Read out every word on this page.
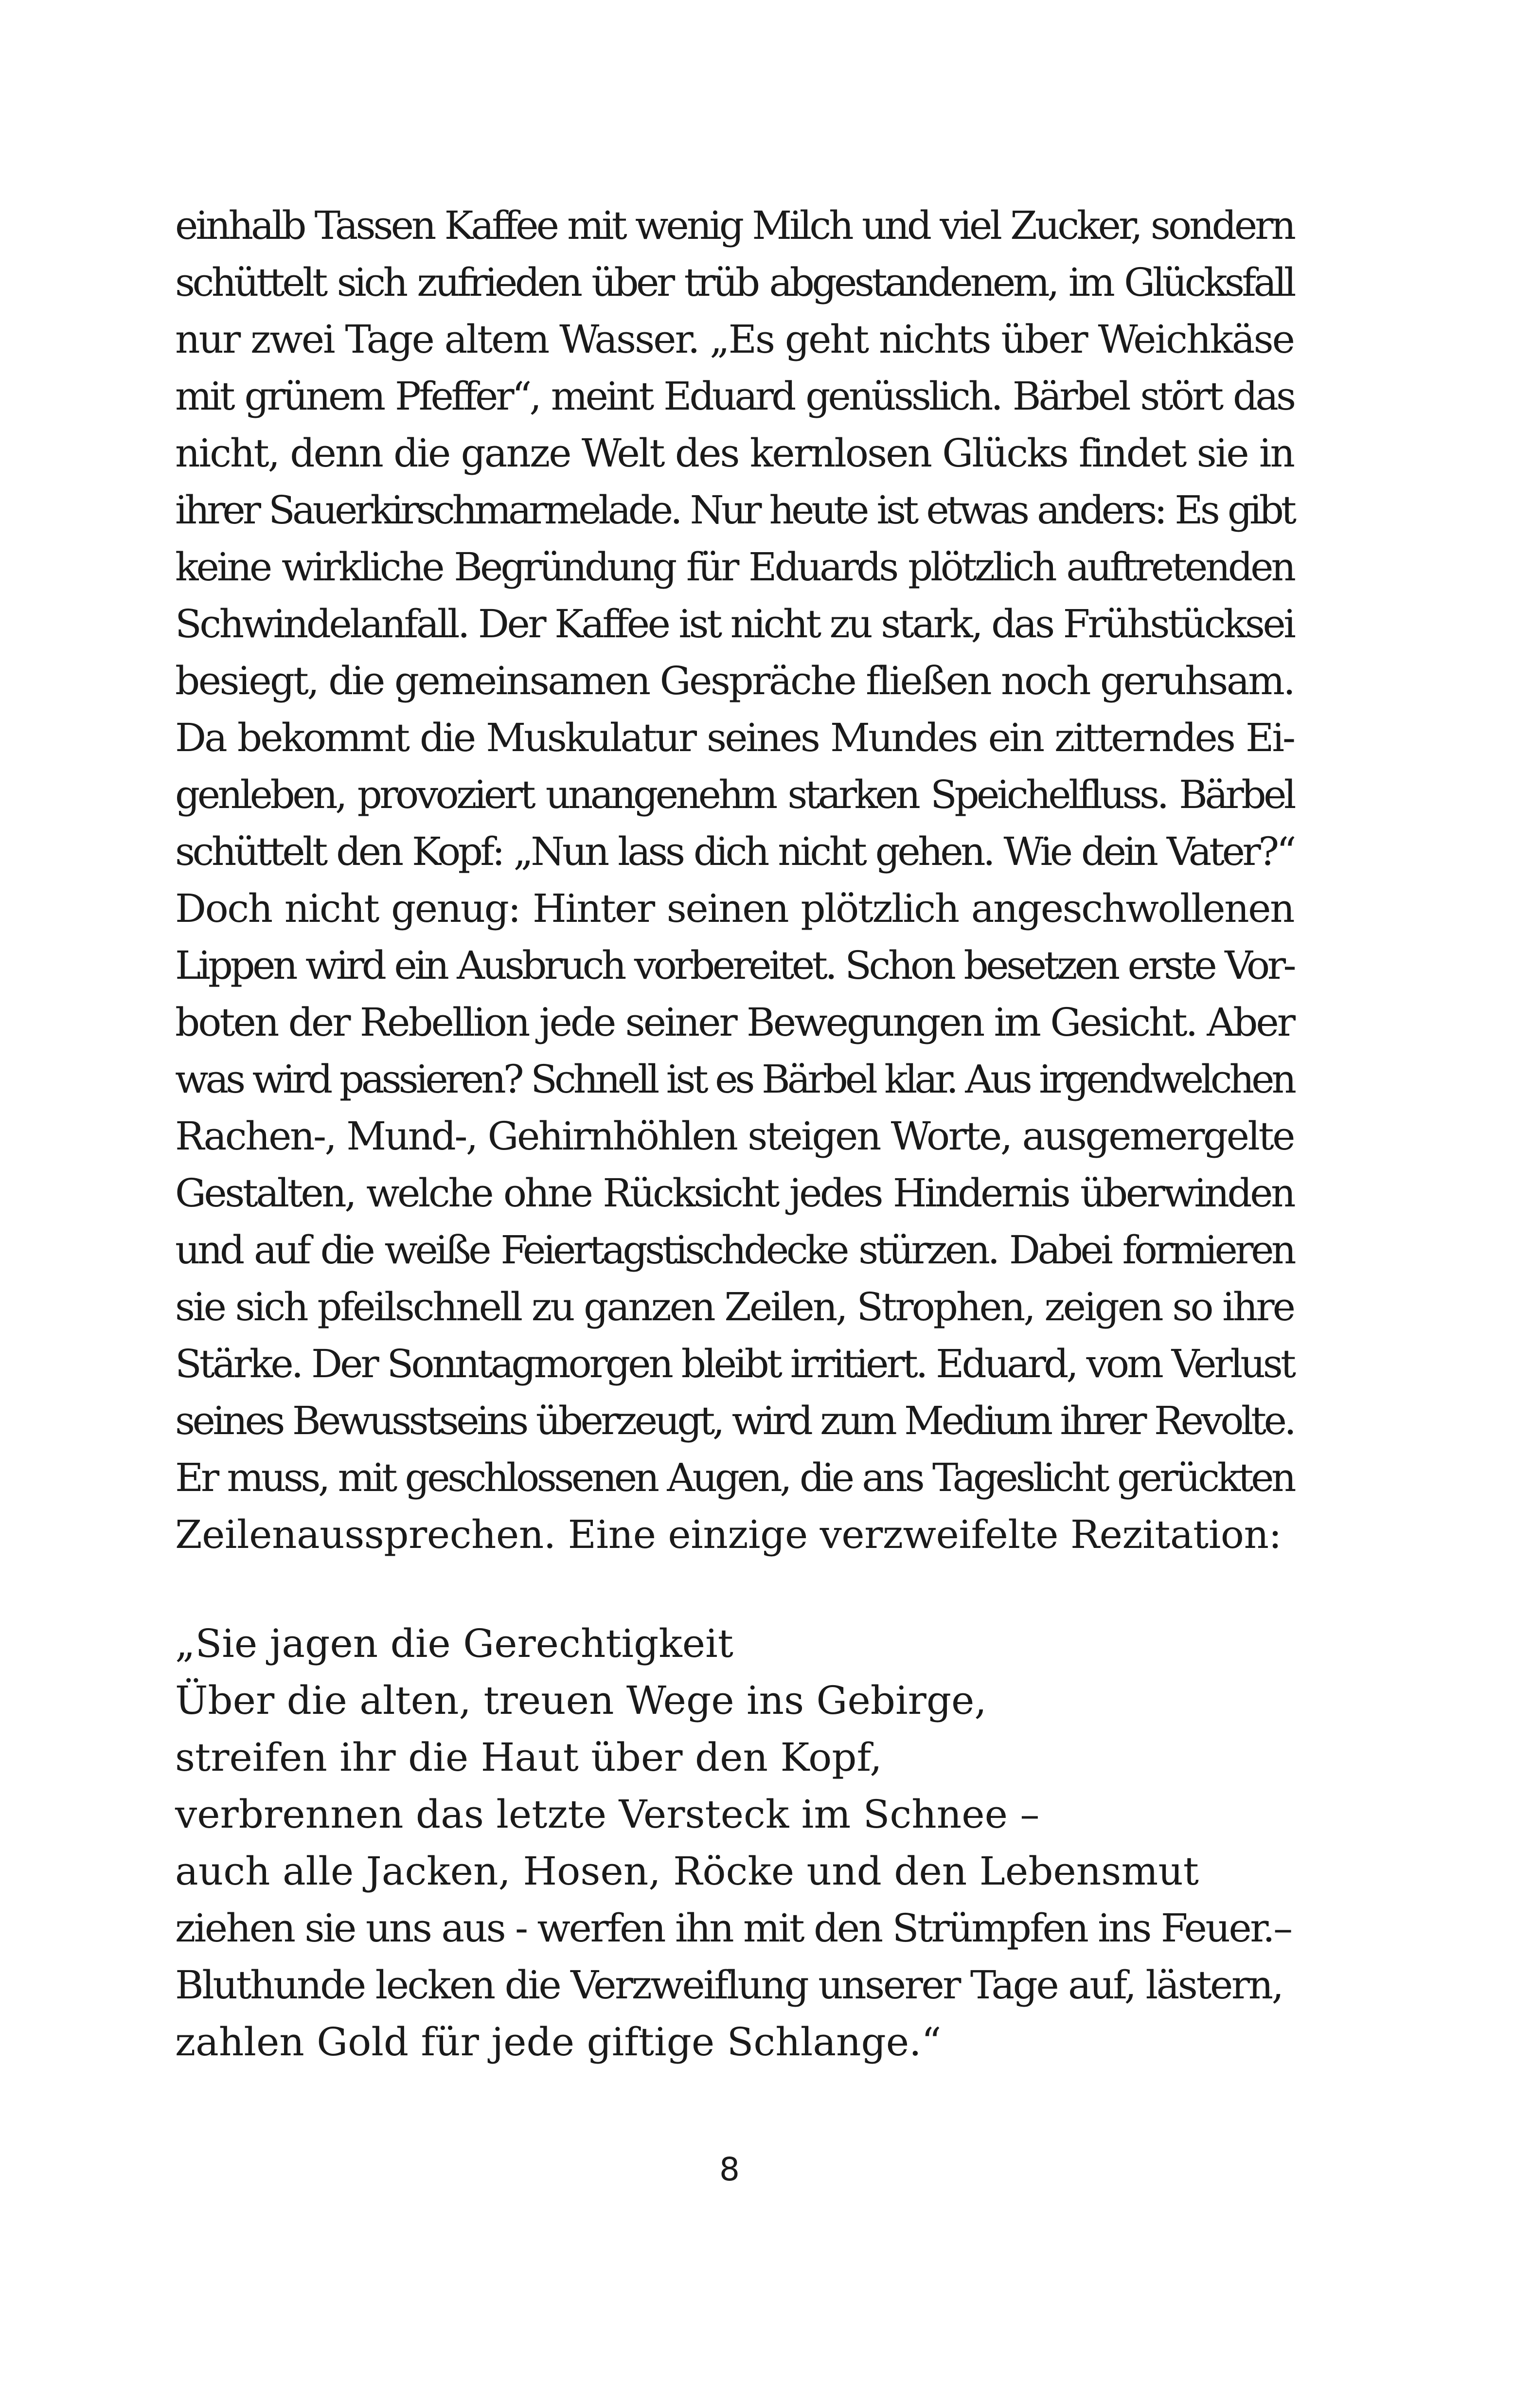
einhalb Tassen Kaffee mit wenig Milch und viel Zucker, sondern
schüttelt sich zufrieden über trüb abgestandenem, im Glücksfall
nur zwei Tage altem Wasser. „Es geht nichts über Weichkäse
mit grünem Pfeffer“, meint Eduard genüsslich. Bärbel stört das
nicht, denn die ganze Welt des kernlosen Glücks findet sie in
ihrer Sauerkirschmarmelade. Nur heute ist etwas anders: Es gibt
keine wirkliche Begründung für Eduards plötzlich auftretenden
Schwindelanfall. Der Kaffee ist nicht zu stark, das Frühstücksei
besiegt, die gemeinsamen Gespräche fließen noch geruhsam.
Da bekommt die Muskulatur seines Mundes ein zitterndes Ei-
genleben, provoziert unangenehm starken Speichelfluss. Bärbel
schüttelt den Kopf: „Nun lass dich nicht gehen. Wie dein Vater?“
Doch nicht genug: Hinter seinen plötzlich angeschwollenen
Lippen wird ein Ausbruch vorbereitet. Schon besetzen erste Vor-
boten der Rebellion jede seiner Bewegungen im Gesicht. Aber
was wird passieren? Schnell ist es Bärbel klar. Aus irgendwelchen
Rachen-, Mund-, Gehirnhöhlen steigen Worte, ausgemergelte
Gestalten, welche ohne Rücksicht jedes Hindernis überwinden
und auf die weiße Feiertagstischdecke stürzen. Dabei formieren
sie sich pfeilschnell zu ganzen Zeilen, Strophen, zeigen so ihre
Stärke. Der Sonntagmorgen bleibt irritiert. Eduard, vom Verlust
seines Bewusstseins überzeugt, wird zum Medium ihrer Revolte.
Er muss, mit geschlossenen Augen, die ans Tageslicht gerückten
Zeilenaussprechen. Eine einzige verzweifelte Rezitation:
„Sie jagen die Gerechtigkeit
Über die alten, treuen Wege ins Gebirge,
streifen ihr die Haut über den Kopf,
verbrennen das letzte Versteck im Schnee –
auch alle Jacken, Hosen, Röcke und den Lebensmut
ziehen sie uns aus - werfen ihn mit den Strümpfen ins Feuer.–
Bluthunde lecken die Verzweiflung unserer Tage auf, lästern,
zahlen Gold für jede giftige Schlange.“
8
